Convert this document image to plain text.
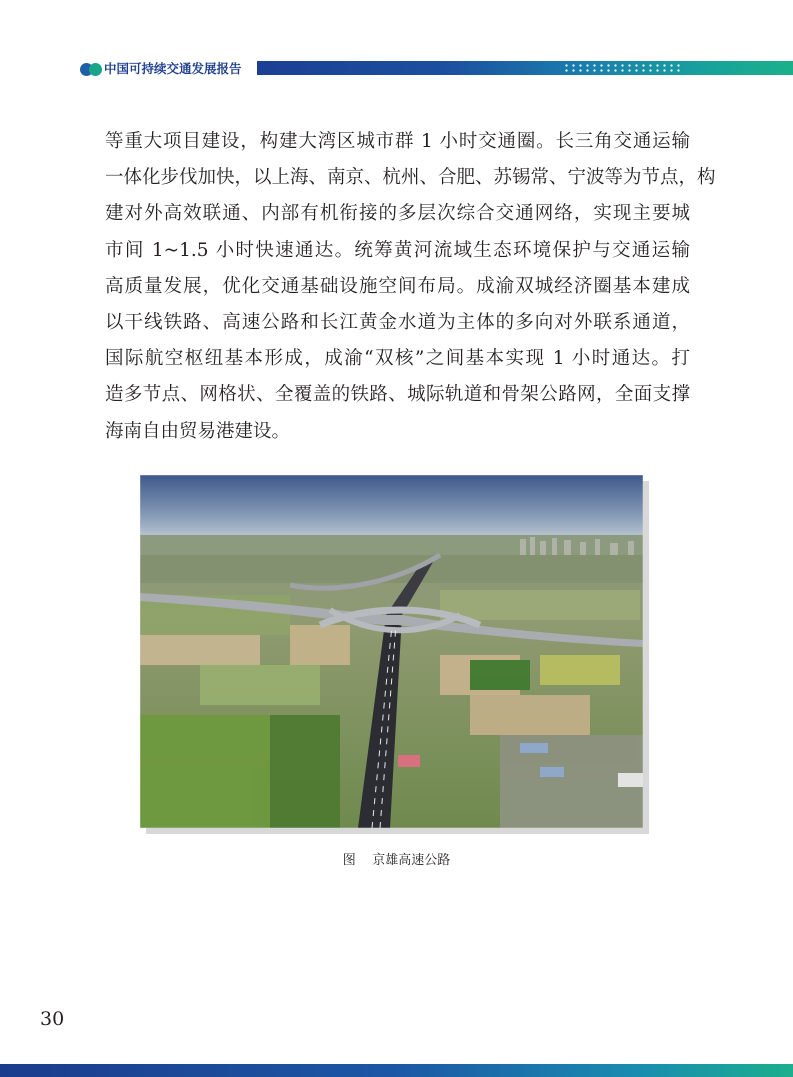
中国可持续交通发展报告
等重大项目建设，构建大湾区城市群 1 小时交通圈。长三角交通运输
一体化步伐加快，以上海、南京、杭州、合肥、苏锡常、宁波等为节点，构
建对外高效联通、内部有机衔接的多层次综合交通网络，实现主要城
市间 1~1.5 小时快速通达。统筹黄河流域生态环境保护与交通运输
高质量发展，优化交通基础设施空间布局。成渝双城经济圈基本建成
以干线铁路、高速公路和长江黄金水道为主体的多向对外联系通道，
国际航空枢纽基本形成，成渝“双核”之间基本实现 1 小时通达。打
造多节点、网格状、全覆盖的铁路、城际轨道和骨架公路网，全面支撑
海南自由贸易港建设。
图    京雄高速公路
30
